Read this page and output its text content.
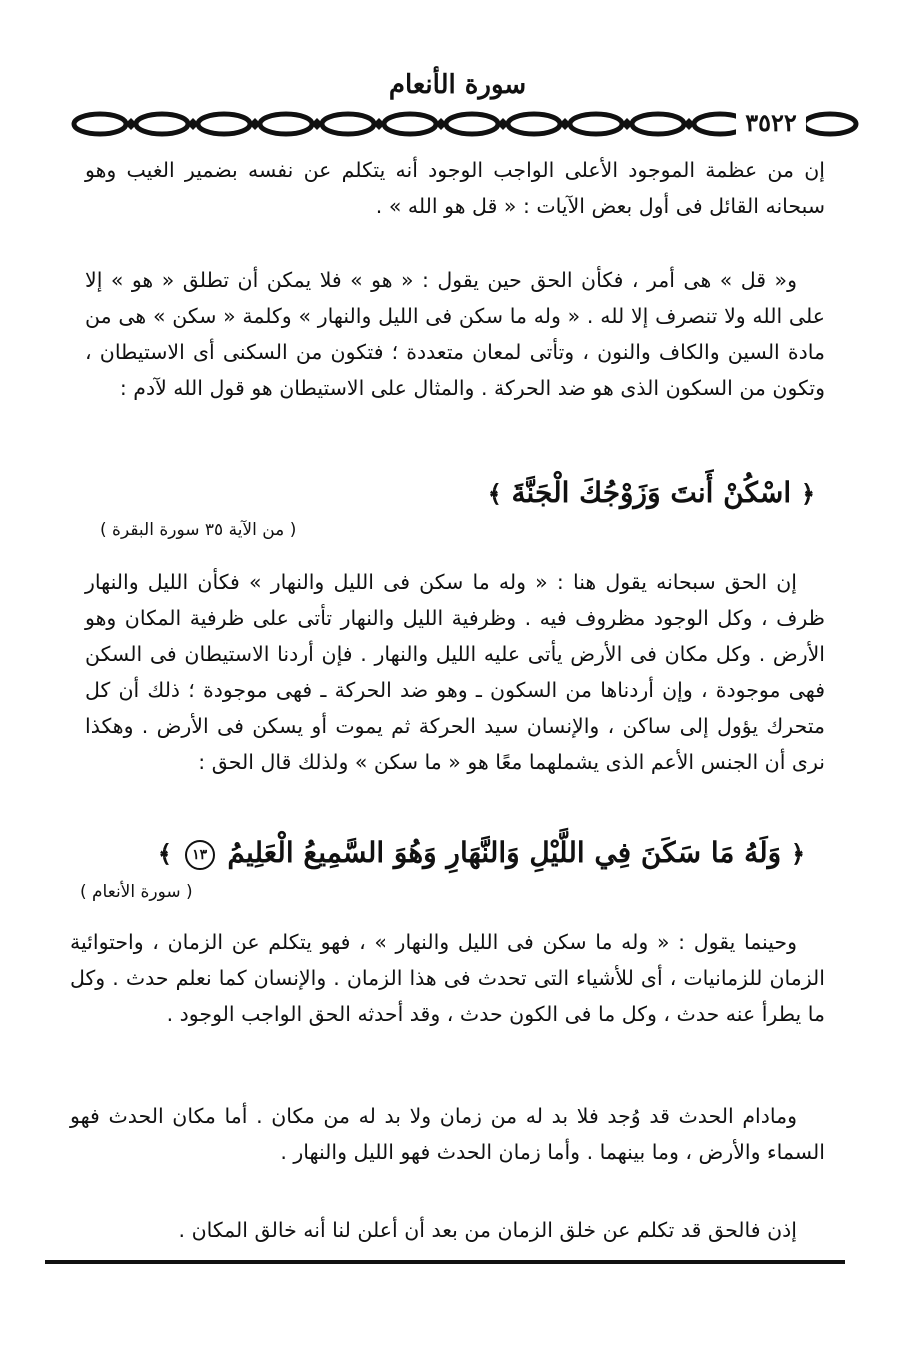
سورة الأنعام
٣٥٢٢
إن من عظمة الموجود الأعلى الواجب الوجود أنه يتكلم عن نفسه بضمير الغيب وهو سبحانه القائل فى أول بعض الآيات : « قل هو الله » .
و« قل » هى أمر ، فكأن الحق حين يقول : « هو » فلا يمكن أن تطلق « هو » إلا على الله ولا تنصرف إلا لله . « وله ما سكن فى الليل والنهار » وكلمة « سكن » هى من مادة السين والكاف والنون ، وتأتى لمعان متعددة ؛ فتكون من السكنى أى الاستيطان ، وتكون من السكون الذى هو ضد الحركة . والمثال على الاستيطان هو قول الله لآدم :
﴿ اسْكُنْ أَنتَ وَزَوْجُكَ الْجَنَّةَ ﴾
( من الآية ٣٥ سورة البقرة )
إن الحق سبحانه يقول هنا : « وله ما سكن فى الليل والنهار » فكأن الليل والنهار ظرف ، وكل الوجود مظروف فيه . وظرفية الليل والنهار تأتى على ظرفية المكان وهو الأرض . وكل مكان فى الأرض يأتى عليه الليل والنهار . فإن أردنا الاستيطان فى السكن فهى موجودة ، وإن أردناها من السكون ـ وهو ضد الحركة ـ فهى موجودة ؛ ذلك أن كل متحرك يؤول إلى ساكن ، والإنسان سيد الحركة ثم يموت أو يسكن فى الأرض . وهكذا نرى أن الجنس الأعم الذى يشملهما معًا هو « ما سكن » ولذلك قال الحق :
﴿ وَلَهُ مَا سَكَنَ فِي اللَّيْلِ وَالنَّهَارِ وَهُوَ السَّمِيعُ الْعَلِيمُ ١٣ ﴾
( سورة الأنعام )
وحينما يقول : « وله ما سكن فى الليل والنهار » ، فهو يتكلم عن الزمان ، واحتوائية الزمان للزمانيات ، أى للأشياء التى تحدث فى هذا الزمان . والإنسان كما نعلم حدث . وكل ما يطرأ عنه حدث ، وكل ما فى الكون حدث ، وقد أحدثه الحق الواجب الوجود .
ومادام الحدث قد وُجد فلا بد له من زمان ولا بد له من مكان . أما مكان الحدث فهو السماء والأرض ، وما بينهما . وأما زمان الحدث فهو الليل والنهار .
إذن فالحق قد تكلم عن خلق الزمان من بعد أن أعلن لنا أنه خالق المكان .
